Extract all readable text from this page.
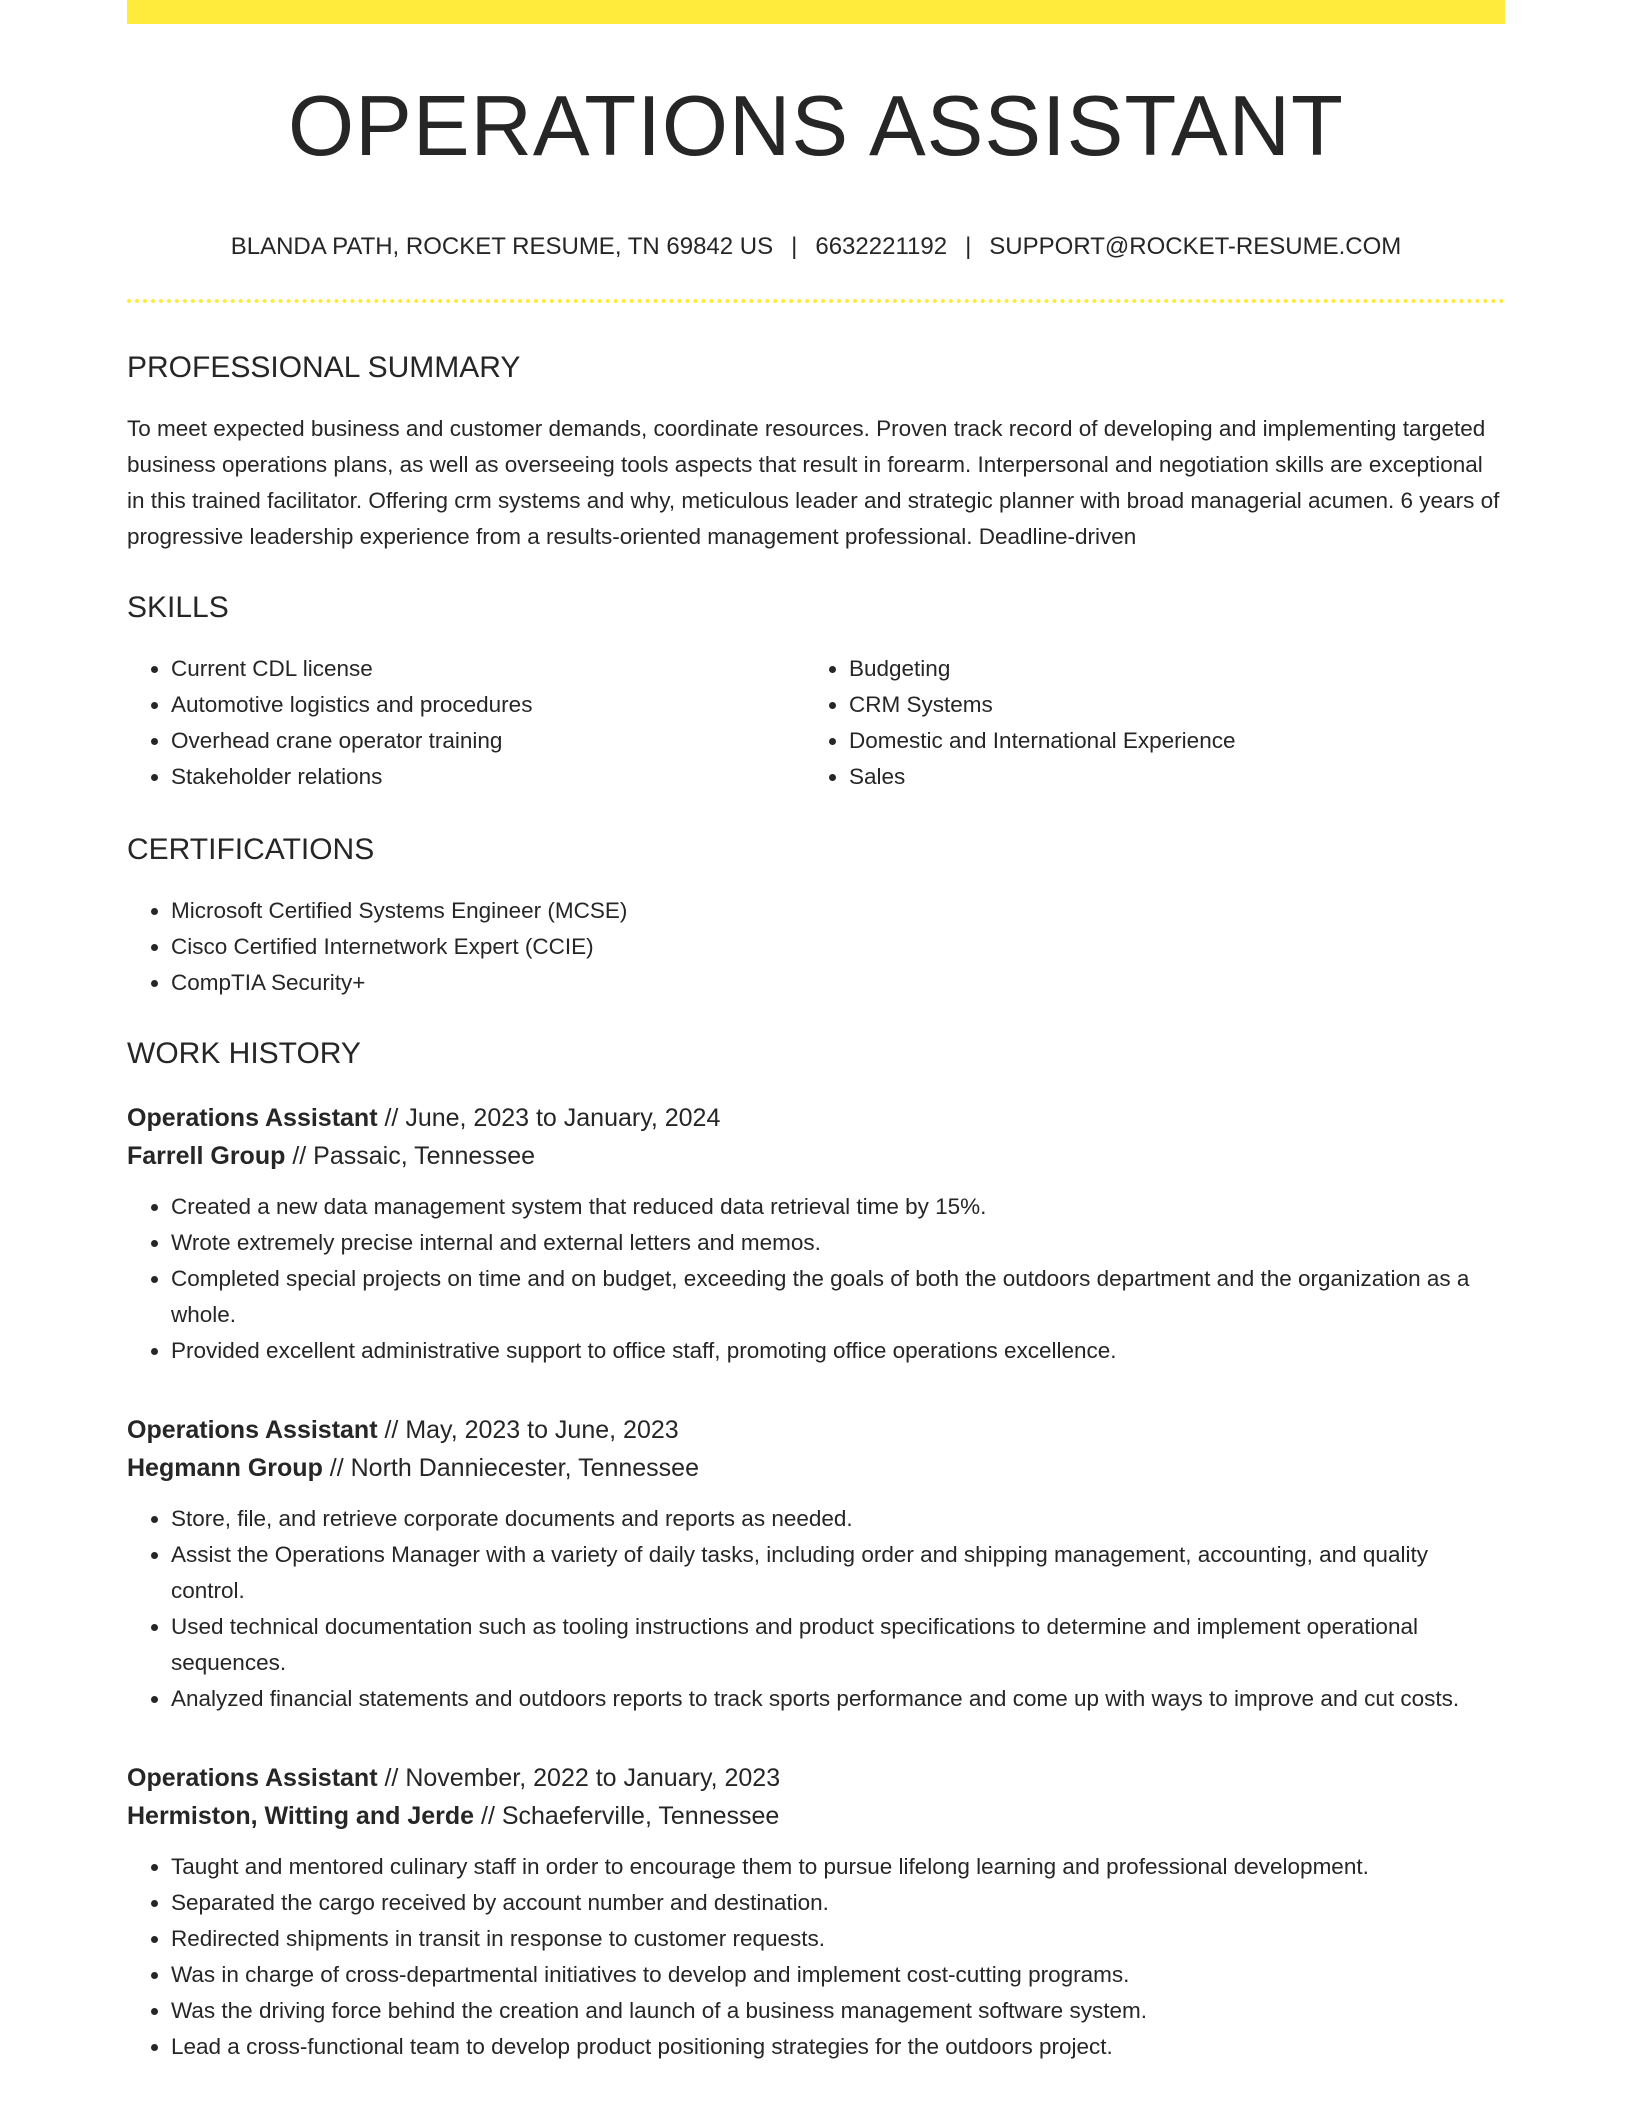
OPERATIONS ASSISTANT
BLANDA PATH, ROCKET RESUME, TN 69842 US | 6632221192 | SUPPORT@ROCKET-RESUME.COM
PROFESSIONAL SUMMARY
To meet expected business and customer demands, coordinate resources. Proven track record of developing and implementing targeted business operations plans, as well as overseeing tools aspects that result in forearm. Interpersonal and negotiation skills are exceptional in this trained facilitator. Offering crm systems and why, meticulous leader and strategic planner with broad managerial acumen. 6 years of progressive leadership experience from a results-oriented management professional. Deadline-driven
SKILLS
• Current CDL license
• Automotive logistics and procedures
• Overhead crane operator training
• Stakeholder relations
• Budgeting
• CRM Systems
• Domestic and International Experience
• Sales
CERTIFICATIONS
• Microsoft Certified Systems Engineer (MCSE)
• Cisco Certified Internetwork Expert (CCIE)
• CompTIA Security+
WORK HISTORY
Operations Assistant // June, 2023 to January, 2024
Farrell Group // Passaic, Tennessee
• Created a new data management system that reduced data retrieval time by 15%.
• Wrote extremely precise internal and external letters and memos.
• Completed special projects on time and on budget, exceeding the goals of both the outdoors department and the organization as a whole.
• Provided excellent administrative support to office staff, promoting office operations excellence.
Operations Assistant // May, 2023 to June, 2023
Hegmann Group // North Danniecester, Tennessee
• Store, file, and retrieve corporate documents and reports as needed.
• Assist the Operations Manager with a variety of daily tasks, including order and shipping management, accounting, and quality control.
• Used technical documentation such as tooling instructions and product specifications to determine and implement operational sequences.
• Analyzed financial statements and outdoors reports to track sports performance and come up with ways to improve and cut costs.
Operations Assistant // November, 2022 to January, 2023
Hermiston, Witting and Jerde // Schaeferville, Tennessee
• Taught and mentored culinary staff in order to encourage them to pursue lifelong learning and professional development.
• Separated the cargo received by account number and destination.
• Redirected shipments in transit in response to customer requests.
• Was in charge of cross-departmental initiatives to develop and implement cost-cutting programs.
• Was the driving force behind the creation and launch of a business management software system.
• Lead a cross-functional team to develop product positioning strategies for the outdoors project.
